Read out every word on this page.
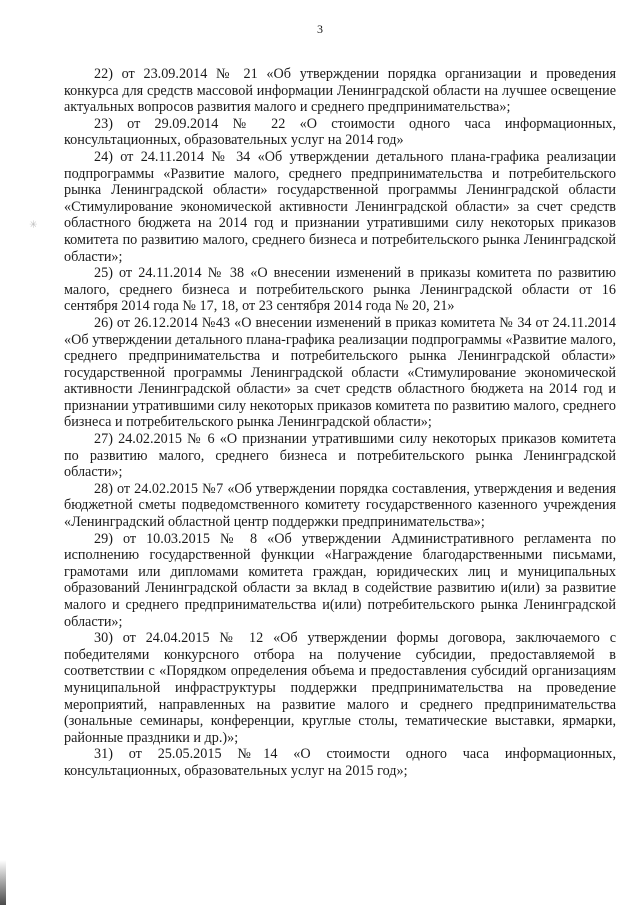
3
✳

22) от 23.09.2014 № 21 «Об утверждении порядка организации и проведения конкурса для средств массовой информации Ленинградской области на лучшее освещение актуальных вопросов развития малого и среднего предпринимательства»;

23) от 29.09.2014 № 22 «О стоимости одного часа информационных, консультационных, образовательных услуг на 2014 год»

24) от 24.11.2014 № 34 «Об утверждении детального плана-графика реализации подпрограммы «Развитие малого, среднего предпринимательства и потребительского рынка Ленинградской области» государственной программы Ленинградской области «Стимулирование экономической активности Ленинградской области» за счет средств областного бюджета на 2014 год и признании утратившими силу некоторых приказов комитета по развитию малого, среднего бизнеса и потребительского рынка Ленинградской области»;

25) от 24.11.2014 № 38 «О внесении изменений в приказы комитета по развитию малого, среднего бизнеса и потребительского рынка Ленинградской области от 16 сентября 2014 года № 17, 18, от 23 сентября 2014 года № 20, 21»

26) от 26.12.2014 №43 «О внесении изменений в приказ комитета № 34 от 24.11.2014 «Об утверждении детального плана-графика реализации подпрограммы «Развитие малого, среднего предпринимательства и потребительского рынка Ленинградской области» государственной программы Ленинградской области «Стимулирование экономической активности Ленинградской области» за счет средств областного бюджета на 2014 год и признании утратившими силу некоторых приказов комитета по развитию малого, среднего бизнеса и потребительского рынка Ленинградской области»;

27) 24.02.2015 № 6 «О признании утратившими силу некоторых приказов комитета по развитию малого, среднего бизнеса и потребительского рынка Ленинградской области»;

28) от 24.02.2015 №7 «Об утверждении порядка составления, утверждения и ведения бюджетной сметы подведомственного комитету государственного казенного учреждения «Ленинградский областной центр поддержки предпринимательства»;

29) от 10.03.2015 № 8 «Об утверждении Административного регламента по исполнению государственной функции «Награждение благодарственными письмами, грамотами или дипломами комитета граждан, юридических лиц и муниципальных образований Ленинградской области за вклад в содействие развитию и(или) за развитие малого и среднего предпринимательства и(или) потребительского рынка Ленинградской области»;

30) от 24.04.2015 № 12 «Об утверждении формы договора, заключаемого с победителями конкурсного отбора на получение субсидии, предоставляемой в соответствии с «Порядком определения объема и предоставления субсидий организациям муниципальной инфраструктуры поддержки предпринимательства на проведение мероприятий, направленных на развитие малого и среднего предпринимательства (зональные семинары, конференции, круглые столы, тематические выставки, ярмарки, районные праздники и др.)»;

31) от 25.05.2015 №14 «О стоимости одного часа информационных, консультационных, образовательных услуг на 2015 год»;
